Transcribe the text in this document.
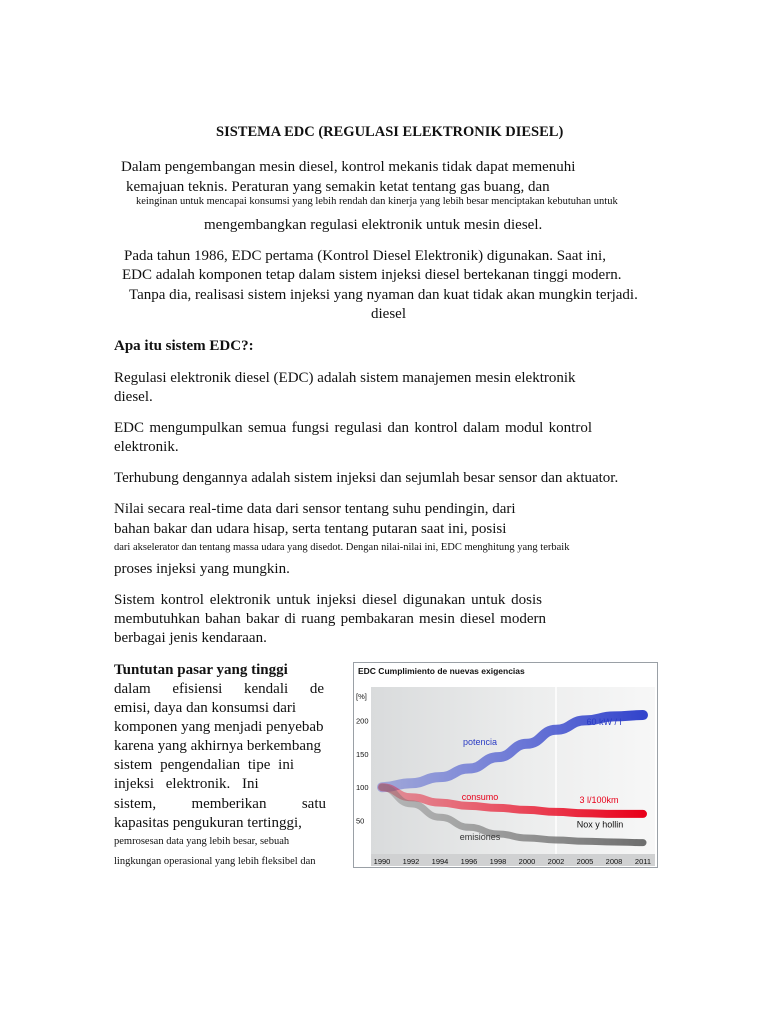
SISTEMA EDC (REGULASI ELEKTRONIK DIESEL)
Dalam pengembangan mesin diesel, kontrol mekanis tidak dapat memenuhi
kemajuan teknis. Peraturan yang semakin ketat tentang gas buang, dan
keinginan untuk mencapai konsumsi yang lebih rendah dan kinerja yang lebih besar menciptakan kebutuhan untuk
mengembangkan regulasi elektronik untuk mesin diesel.
Pada tahun 1986, EDC pertama (Kontrol Diesel Elektronik) digunakan. Saat ini,
EDC adalah komponen tetap dalam sistem injeksi diesel bertekanan tinggi modern.
Tanpa dia, realisasi sistem injeksi yang nyaman dan kuat tidak akan mungkin terjadi.
diesel
Apa itu sistem EDC?:
Regulasi elektronik diesel (EDC) adalah sistem manajemen mesin elektronik
diesel.
EDC mengumpulkan semua fungsi regulasi dan kontrol dalam modul kontrol
elektronik.
Terhubung dengannya adalah sistem injeksi dan sejumlah besar sensor dan aktuator.
Nilai secara real-time data dari sensor tentang suhu pendingin, dari
bahan bakar dan udara hisap, serta tentang putaran saat ini, posisi
dari akselerator dan tentang massa udara yang disedot. Dengan nilai-nilai ini, EDC menghitung yang terbaik
proses injeksi yang mungkin.
Sistem kontrol elektronik untuk injeksi diesel digunakan untuk dosis
membutuhkan bahan bakar di ruang pembakaran mesin diesel modern
berbagai jenis kendaraan.
Tuntutan pasar yang tinggi
dalam efisiensi kendali de
emisi, daya dan konsumsi dari
komponen yang menjadi penyebab
karena yang akhirnya berkembang
sistem pengendalian tipe ini
injeksi elektronik. Ini
sistem, memberikan satu
kapasitas pengukuran tertinggi,
pemrosesan data yang lebih besar, sebuah
lingkungan operasional yang lebih fleksibel dan
EDC Cumplimiento de nuevas exigencias
[%]
200
150
100
50
potencia
60 kW / l
consumo	3 l/100km
emisiones
Nox y hollin
1990 1992 1994 1996 1998 2000 2002 2005 2008 2011
